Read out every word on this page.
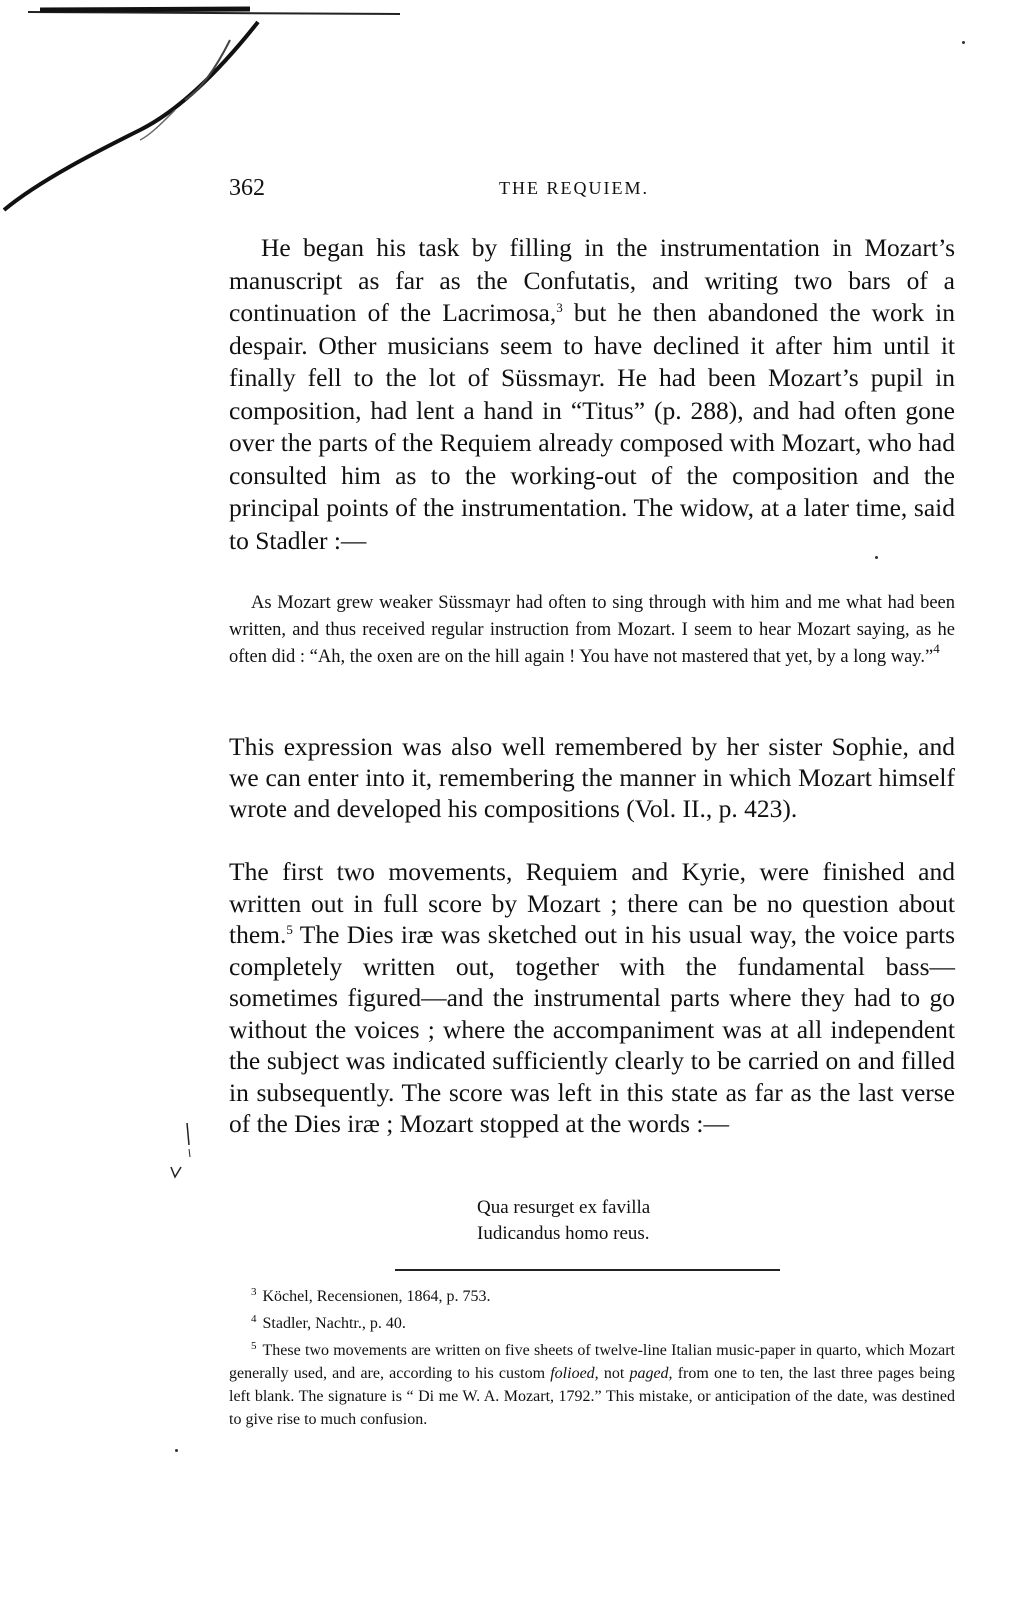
362	THE REQUIEM.

He began his task by filling in the instrumentation in Mozart’s manuscript as far as the Confutatis, and writing two bars of a continuation of the Lacrimosa,$^3$ but he then abandoned the work in despair. Other musicians seem to have declined it after him until it finally fell to the lot of Süssmayr. He had been Mozart’s pupil in composition, had lent a hand in “Titus” (p. 288), and had often gone over the parts of the Requiem already composed with Mozart, who had consulted him as to the working-out of the composition and the principal points of the instrumentation. The widow, at a later time, said to Stadler :—

As Mozart grew weaker Süssmayr had often to sing through with him and me what had been written, and thus received regular instruction from Mozart. I seem to hear Mozart saying, as he often did : “Ah, the oxen are on the hill again ! You have not mastered that yet, by a long way.”$^4$

This expression was also well remembered by her sister Sophie, and we can enter into it, remembering the manner in which Mozart himself wrote and developed his compositions (Vol. II., p. 423).

The first two movements, Requiem and Kyrie, were finished and written out in full score by Mozart ; there can be no question about them.$^5$ The Dies iræ was sketched out in his usual way, the voice parts completely written out, together with the fundamental bass—sometimes figured—and the instrumental parts where they had to go without the voices ; where the accompaniment was at all independent the subject was indicated sufficiently clearly to be carried on and filled in subsequently. The score was left in this state as far as the last verse of the Dies iræ ; Mozart stopped at the words :—

Qua resurget ex favilla
Iudicandus homo reus.

$^3$ Köchel, Recensionen, 1864, p. 753.

$^4$ Stadler, Nachtr., p. 40.

$^5$ These two movements are written on five sheets of twelve-line Italian music-paper in quarto, which Mozart generally used, and are, according to his custom folioed, not paged, from one to ten, the last three pages being left blank. The signature is “ Di me W. A. Mozart, 1792.” This mistake, or anticipation of the date, was destined to give rise to much confusion.
